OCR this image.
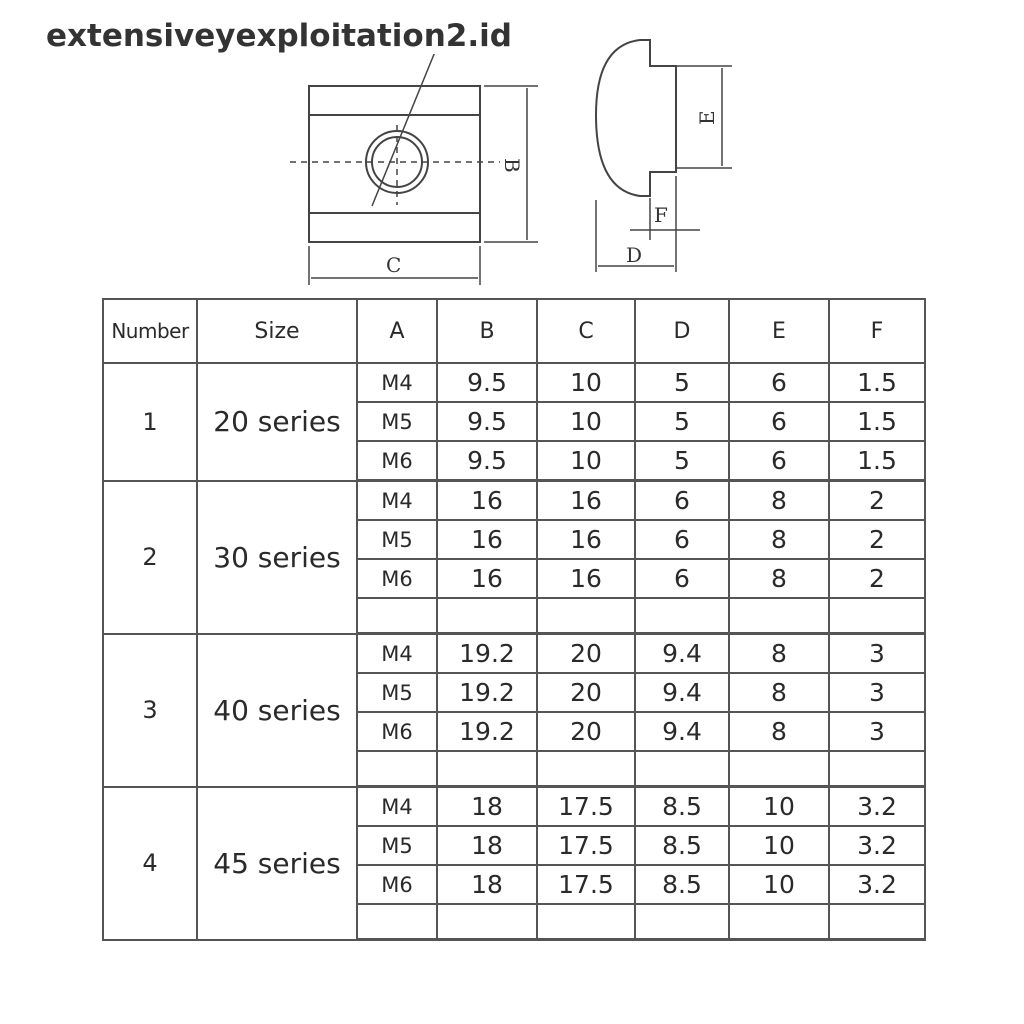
extensiveyexploitation2.id
B
C
E
F
D
Number	Size	A	B	C	D	E	F
1	20 series	M4	9.5	10	5	6	1.5
		M5	9.5	10	5	6	1.5
		M6	9.5	10	5	6	1.5
2	30 series	M4	16	16	6	8	2
		M5	16	16	6	8	2
		M6	16	16	6	8	2

3	40 series	M4	19.2	20	9.4	8	3
		M5	19.2	20	9.4	8	3
		M6	19.2	20	9.4	8	3

4	45 series	M4	18	17.5	8.5	10	3.2
		M5	18	17.5	8.5	10	3.2
		M6	18	17.5	8.5	10	3.2
